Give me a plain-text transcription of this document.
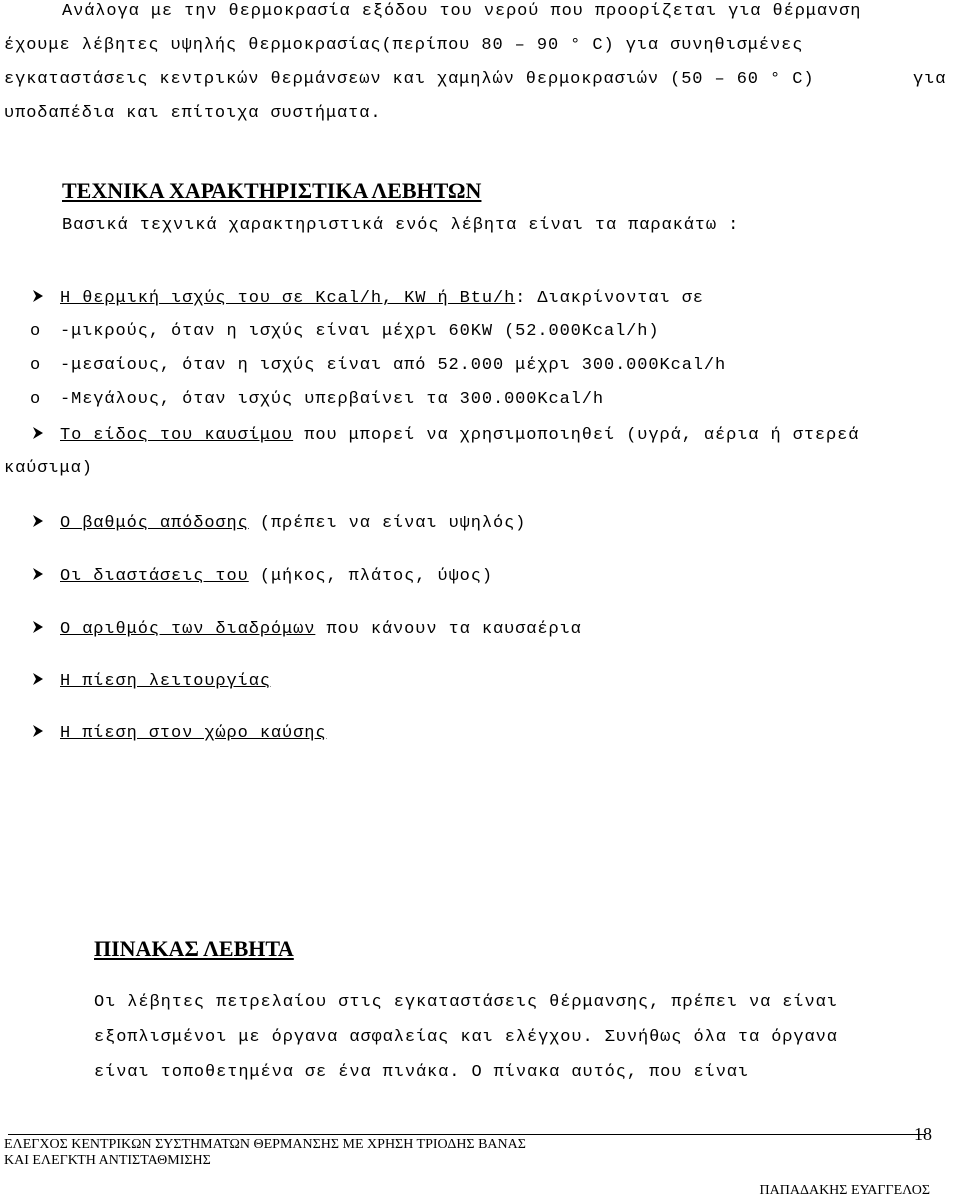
Ανάλογα με την θερμοκρασία εξόδου του νερού που προορίζεται για θέρμανση
έχουμε λέβητες υψηλής θερμοκρασίας(περίπου 80 – 90 ° C) για συνηθισμένες
εγκαταστάσεις κεντρικών θερμάνσεων και χαμηλών θερμοκρασιών (50 – 60 ° C)	για
υποδαπέδια και επίτοιχα συστήματα.
ΤΕΧΝΙΚΑ ΧΑΡΑΚΤΗΡΙΣΤΙΚΑ ΛΕΒΗΤΩΝ
Βασικά τεχνικά χαρακτηριστικά ενός λέβητα είναι τα παρακάτω :
Η θερμική ισχύς του σε Kcal/h, KW ή Btu/h: Διακρίνονται σε
o -μικρούς, όταν η ισχύς είναι μέχρι 60KW (52.000Kcal/h)
o -μεσαίους, όταν η ισχύς είναι από 52.000 μέχρι 300.000Kcal/h
o -Μεγάλους, όταν ισχύς υπερβαίνει τα 300.000Kcal/h
Το είδος του καυσίμου που μπορεί να χρησιμοποιηθεί (υγρά, αέρια ή στερεά
καύσιμα)
Ο βαθμός απόδοσης (πρέπει να είναι υψηλός)
Οι διαστάσεις του (μήκος, πλάτος, ύψος)
Ο αριθμός των διαδρόμων που κάνουν τα καυσαέρια
Η πίεση λειτουργίας
Η πίεση στον χώρο καύσης
ΠΙΝΑΚΑΣ ΛΕΒΗΤΑ
Οι λέβητες πετρελαίου στις εγκαταστάσεις θέρμανσης, πρέπει να είναι
εξοπλισμένοι με όργανα ασφαλείας και ελέγχου. Συνήθως όλα τα όργανα
είναι τοποθετημένα σε ένα πινάκα. Ο πίνακα αυτός, που είναι
ΕΛΕΓΧΟΣ ΚΕΝΤΡΙΚΩΝ ΣΥΣΤΗΜΑΤΩΝ ΘΕΡΜΑΝΣΗΣ ΜΕ ΧΡΗΣΗ ΤΡΙΟΔΗΣ ΒΑΝΑΣ
ΚΑΙ ΕΛΕΓΚΤΗ ΑΝΤΙΣΤΑΘΜΙΣΗΣ
18
ΠΑΠΑΔΑΚΗΣ ΕΥΑΓΓΕΛΟΣ
